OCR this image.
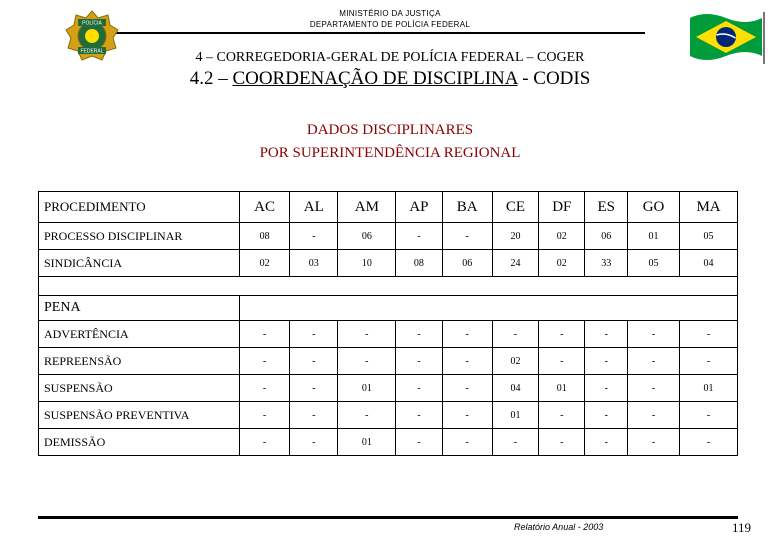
MINISTÉRIO DA JUSTIÇA
DEPARTAMENTO DE POLÍCIA FEDERAL
POLÍCIA
FEDERAL	4 – CORREGEDORIA-GERAL DE POLÍCIA FEDERAL – COGER
4.2 – COORDENAÇÃO DE DISCIPLINA - CODIS
DADOS DISCIPLINARES
POR SUPERINTENDÊNCIA REGIONAL
PROCEDIMENTO	AC	AL	AM	AP	BA	CE	DF	ES	GO	MA
PROCESSO DISCIPLINAR	08	-	06	-	-	20	02	06	01	05
SINDICÂNCIA	02	03	10	08	06	24	02	33	05	04

PENA										
ADVERTÊNCIA	-	-	-	-	-	-	-	-	-	-
REPREENSÃO	-	-	-	-	-	02	-	-	-	-
SUSPENSÃO	-	-	01	-	-	04	01	-	-	01
SUSPENSÃO PREVENTIVA	-	-	-	-	-	01	-	-	-	-
DEMISSÃO	-	-	01	-	-	-	-	-	-	-
Relatório Anual - 2003	119
